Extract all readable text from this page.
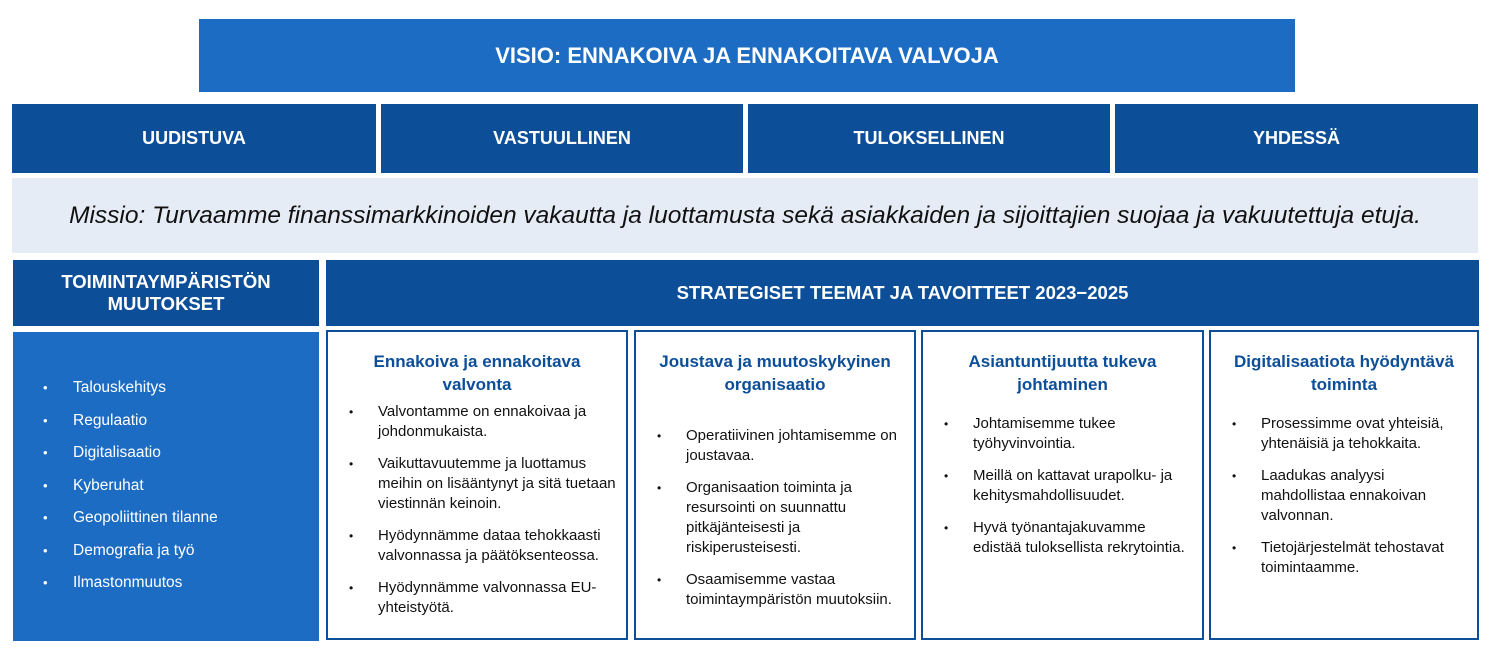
VISIO: ENNAKOIVA JA ENNAKOITAVA VALVOJA
UUDISTUVA	VASTUULLINEN	TULOKSELLINEN	YHDESSÄ
Missio: Turvaamme finanssimarkkinoiden vakautta ja luottamusta sekä asiakkaiden ja sijoittajien suojaa ja vakuutettuja etuja.
TOIMINTAYMPÄRISTÖN
MUUTOKSET
STRATEGISET TEEMAT JA TAVOITTEET 2023−2025
• Talouskehitys
• Regulaatio
• Digitalisaatio
• Kyberuhat
• Geopoliittinen tilanne
• Demografia ja työ
• Ilmastonmuutos
Ennakoiva ja ennakoitava valvonta
• Valvontamme on ennakoivaa ja johdonmukaista.
• Vaikuttavuutemme ja luottamus meihin on lisääntynyt ja sitä tuetaan viestinnän keinoin.
• Hyödynnämme dataa tehokkaasti valvonnassa ja päätöksenteossa.
• Hyödynnämme valvonnassa EU-yhteistyötä.
Joustava ja muutoskykyinen organisaatio
• Operatiivinen johtamisemme on joustavaa.
• Organisaation toiminta ja resursointi on suunnattu pitkäjänteisesti ja riskiperusteisesti.
• Osaamisemme vastaa toimintaympäristön muutoksiin.
Asiantuntijuutta tukeva johtaminen
• Johtamisemme tukee työhyvinvointia.
• Meillä on kattavat urapolku- ja kehitysmahdollisuudet.
• Hyvä työnantajakuvamme edistää tuloksellista rekrytointia.
Digitalisaatiota hyödyntävä toiminta
• Prosessimme ovat yhteisiä, yhtenäisiä ja tehokkaita.
• Laadukas analyysi mahdollistaa ennakoivan valvonnan.
• Tietojärjestelmät tehostavat toimintaamme.
